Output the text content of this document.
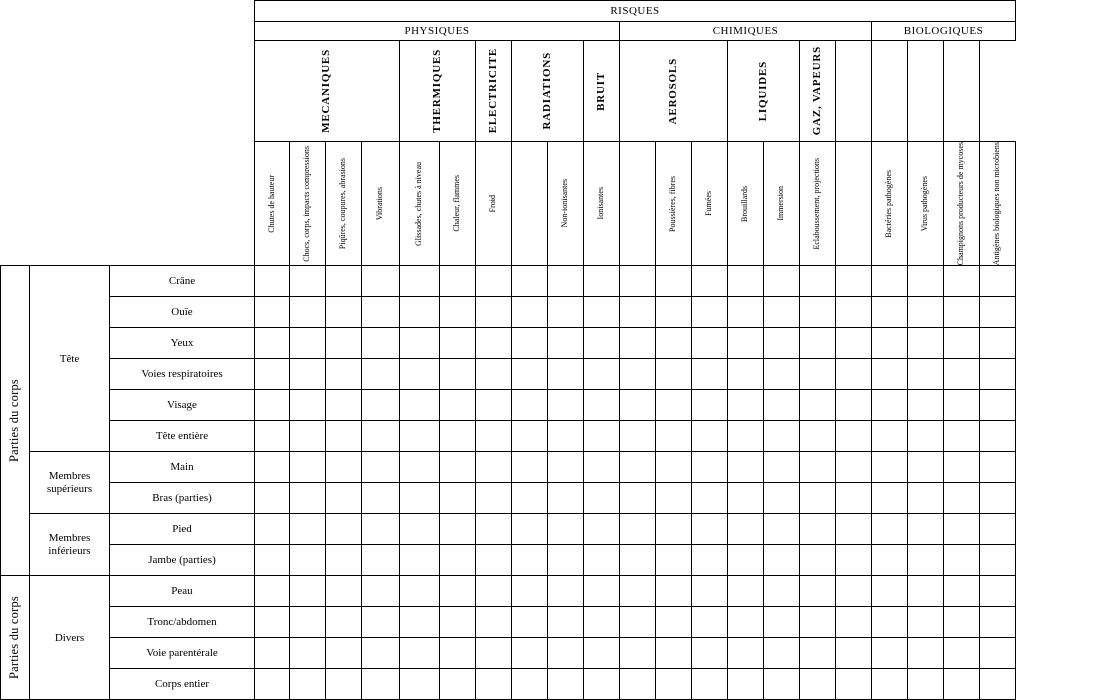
			RISQUES																				
			PHYSIQUES										CHIMIQUES							BIOLOGIQUES			

			MECANIQUES				THERMIQUES		ELECTRICITE	RADIATIONS		BRUIT	AEROSOLS			LIQUIDES		GAZ, VAPEURS					

			Chutes de hauteur	Chocs, corps, impacts compressions	Piqûres, coupures, abrasions	Vibrations	Glissades, chutes à niveau	Chaleur, flammes	Froid		Non-ionisantes	Ionisantes		Poussières, fibres	Fumées	Brouillards	Immersion	Eclaboussement, projections		Bactéries pathogènes	Virus pathogènes	Champignons producteurs de mycoses	Antigènes biologiques non microbiens

Parties du corps	Tête	Crâne																					
		Ouïe																					
		Yeux																					
		Voies respiratoires																					
		Visage																					
		Tête entière																					
	Membres supérieurs	Main																					
		Bras (parties)																					
	Membres inférieurs	Pied																					
		Jambe (parties)																					

Parties du corps	Divers	Peau																					
		Tronc/abdomen																					
		Voie parentérale																					
		Corps entier																					
